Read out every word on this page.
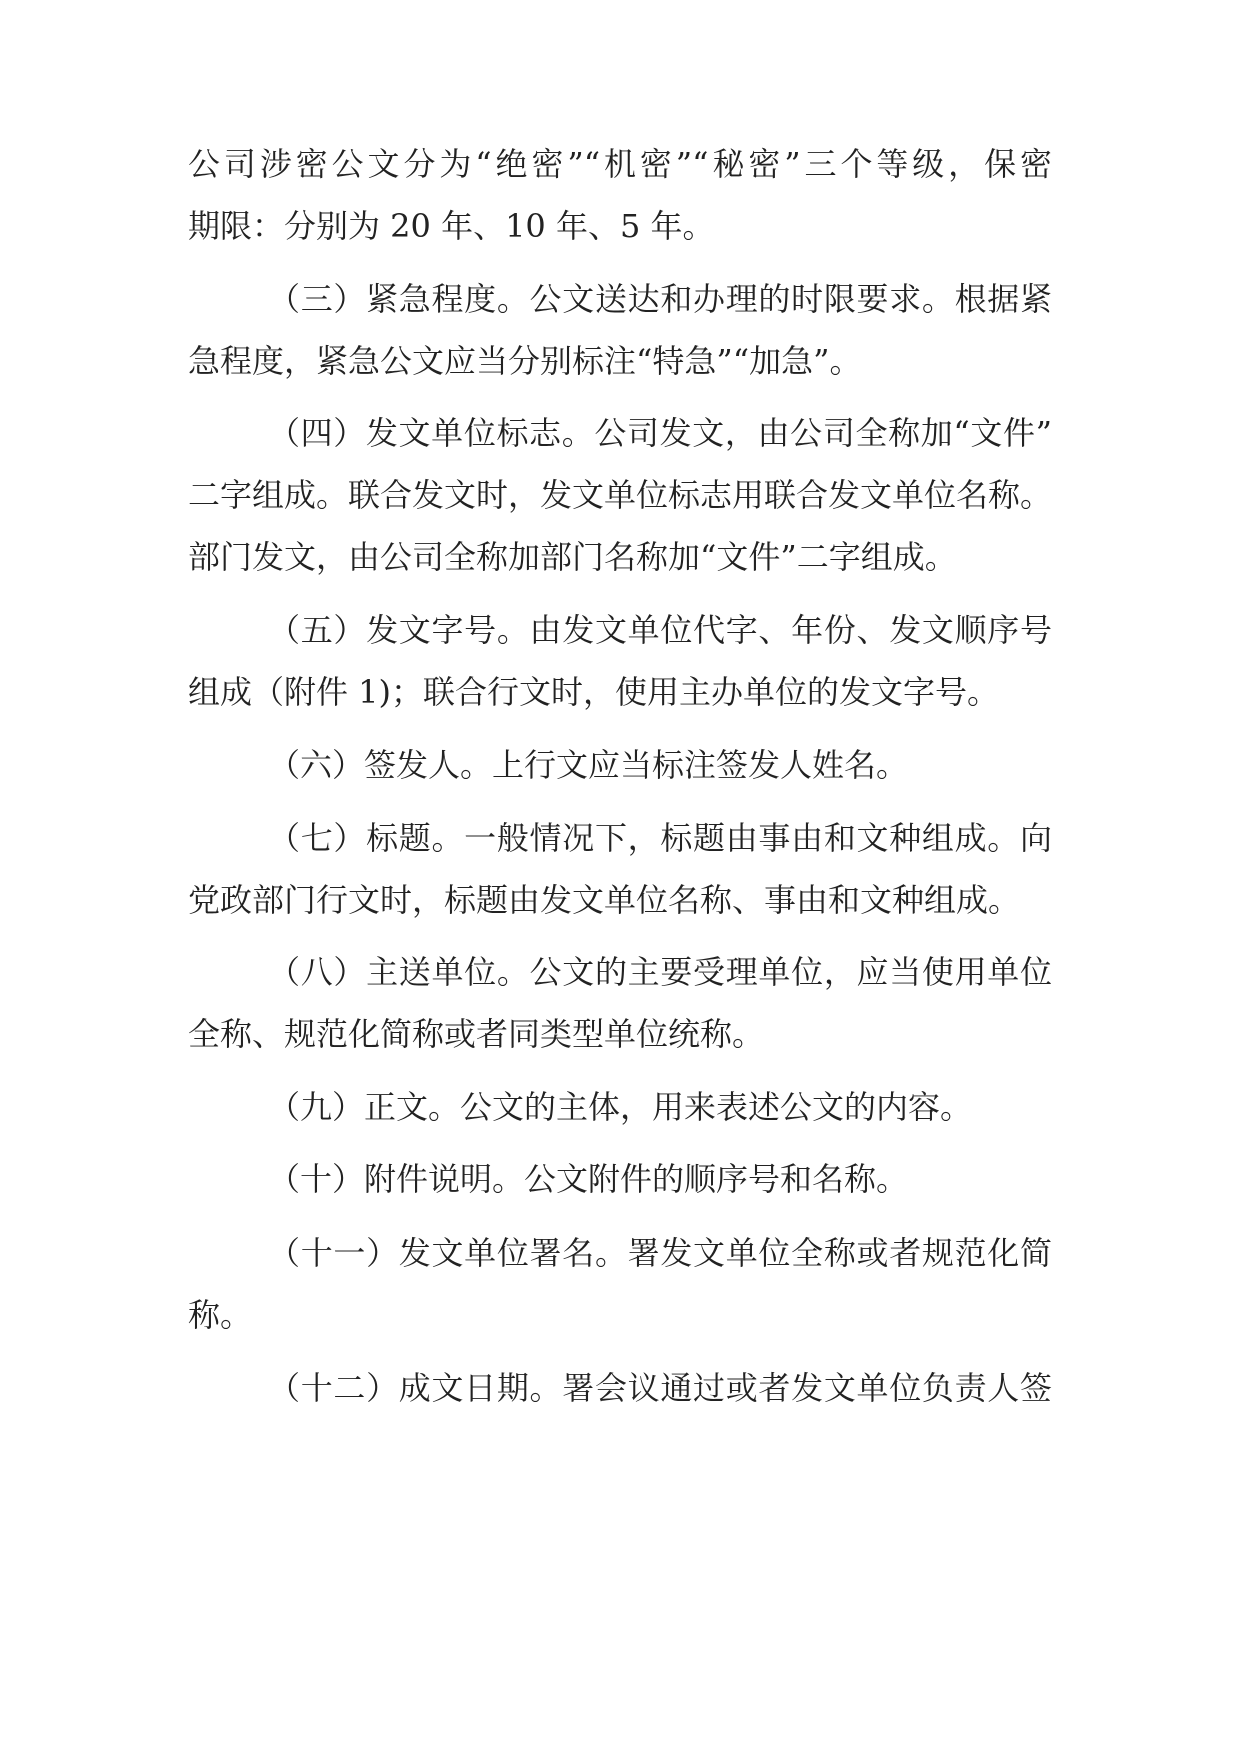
公司涉密公文分为“绝密”“机密”“秘密”三个等级，保密

期限：分别为 20 年、10 年、5 年。

（三）紧急程度。公文送达和办理的时限要求。根据紧

急程度，紧急公文应当分别标注“特急”“加急”。

（四）发文单位标志。公司发文，由公司全称加“文件”

二字组成。联合发文时，发文单位标志用联合发文单位名称。

部门发文，由公司全称加部门名称加“文件”二字组成。

（五）发文字号。由发文单位代字、年份、发文顺序号

组成（附件 1)；联合行文时，使用主办单位的发文字号。

（六）签发人。上行文应当标注签发人姓名。

（七）标题。一般情况下，标题由事由和文种组成。向

党政部门行文时，标题由发文单位名称、事由和文种组成。

（八）主送单位。公文的主要受理单位，应当使用单位

全称、规范化简称或者同类型单位统称。

（九）正文。公文的主体，用来表述公文的内容。

（十）附件说明。公文附件的顺序号和名称。

（十一）发文单位署名。署发文单位全称或者规范化简

称。

（十二）成文日期。署会议通过或者发文单位负责人签
